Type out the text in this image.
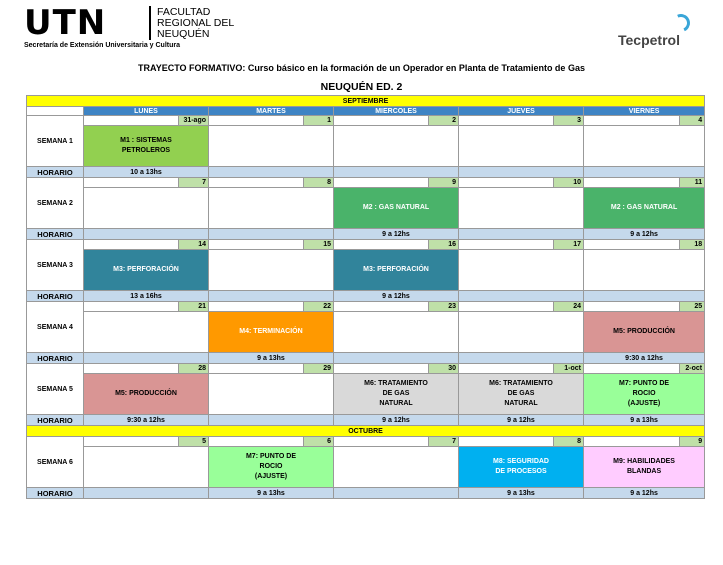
UTN	FACULTAD
REGIONAL DEL
NEUQUÉN
Secretaría de Extensión Universitaria y Cultura	Tecpetrol
TRAYECTO FORMATIVO: Curso básico en la formación de un Operador en Planta de Tratamiento de Gas
NEUQUÉN ED. 2
SEPTIEMBRE										
	LUNES		MARTES		MIERCOLES		JUEVES		VIERNES	
SEMANA 1		31-ago		1		2		3		4

	M1 : SISTEMAS
PETROLEROS									

HORARIO	10 a 13hs									
SEMANA 2		7		8		9		10		11

					M2 : GAS NATURAL				M2 : GAS NATURAL	

HORARIO					9 a 12hs				9 a 12hs	
SEMANA 3		14		15		16		17		18

	M3: PERFORACIÓN				M3: PERFORACIÓN					

HORARIO	13 a 16hs				9 a 12hs					
SEMANA 4		21		22		23		24		25

			M4: TERMINACIÓN						M5: PRODUCCIÓN	

HORARIO			9 a 13hs						9:30 a 12hs	
SEMANA 5		28		29		30		1-oct		2-oct

	M5: PRODUCCIÓN				M6: TRATAMIENTO
DE GAS
NATURAL		M6: TRATAMIENTO
DE GAS
NATURAL		M7: PUNTO DE
ROCIO
(AJUSTE)	

HORARIO	9:30 a 12hs				9 a 12hs		9 a 12hs		9 a 13hs	
OCTUBRE										
SEMANA 6		5		6		7		8		9

			M7: PUNTO DE
ROCIO
(AJUSTE)				M8: SEGURIDAD
DE PROCESOS		M9: HABILIDADES
BLANDAS	

HORARIO			9 a 13hs				9 a 13hs		9 a 12hs	
